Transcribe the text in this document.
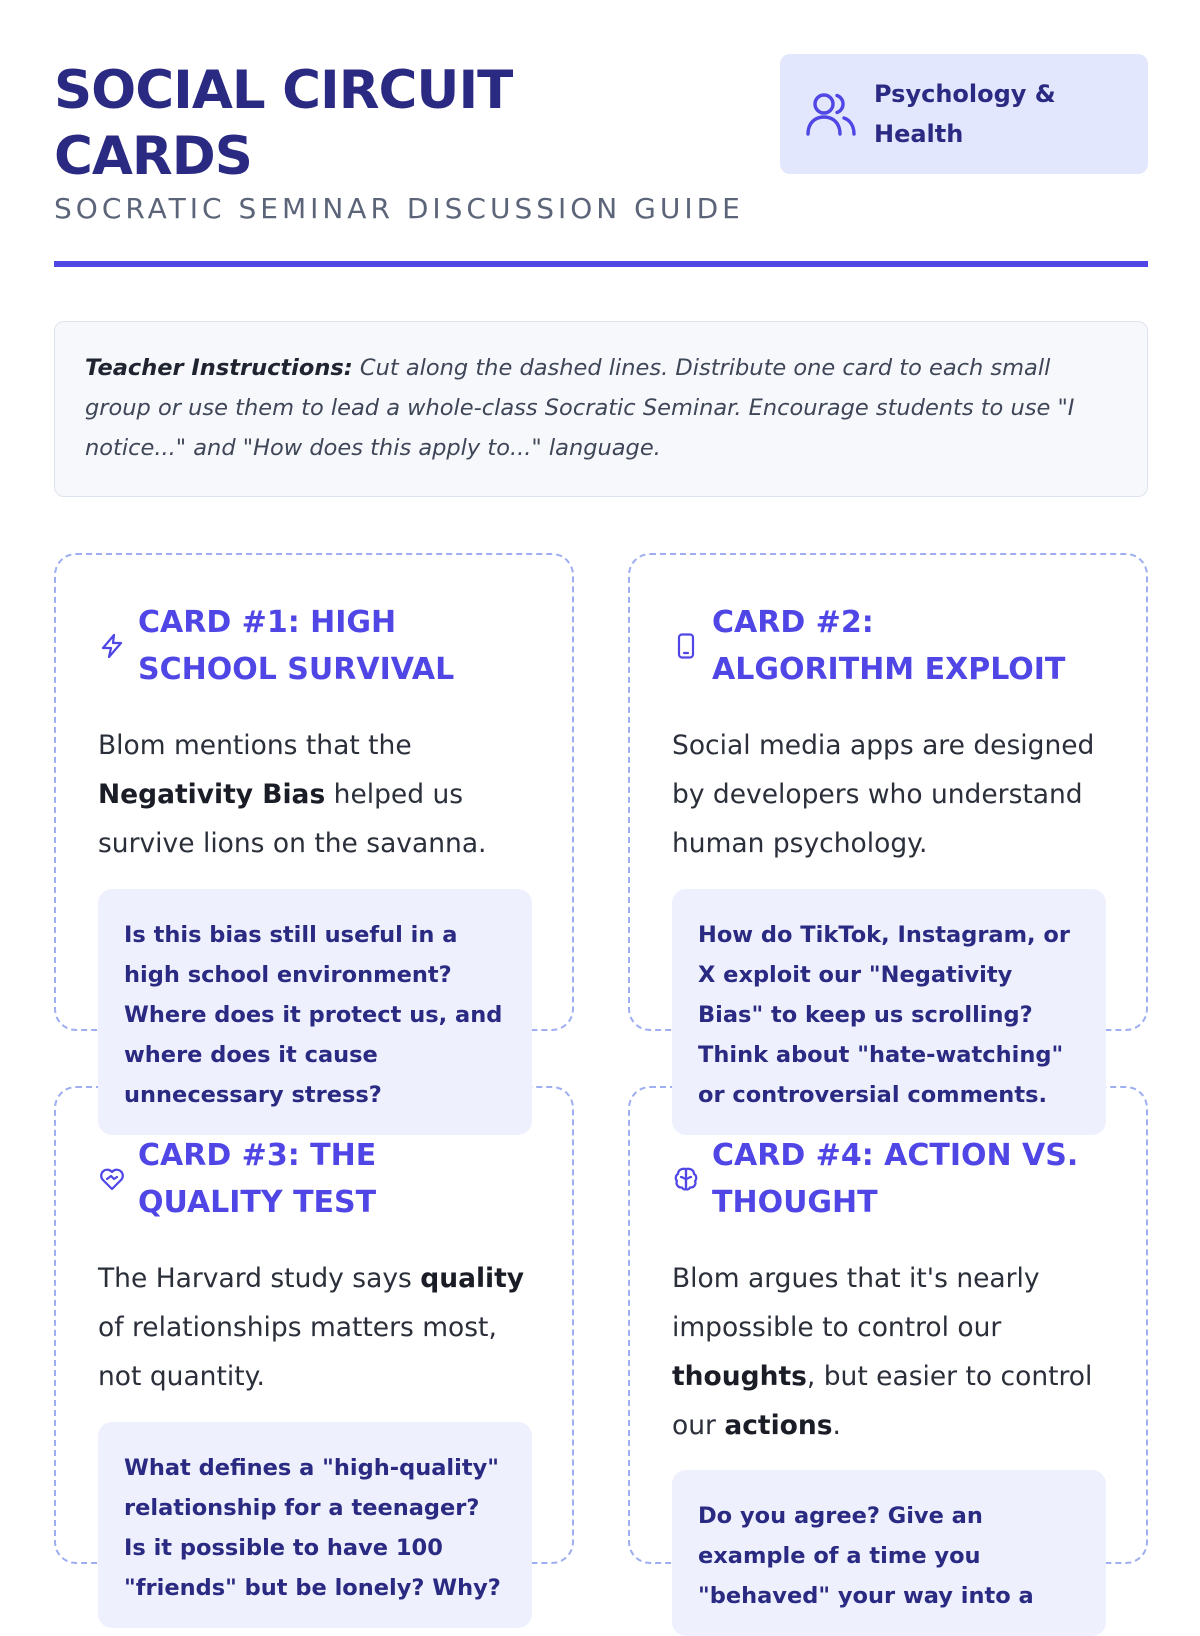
SOCIAL CIRCUIT CARDS
SOCRATIC SEMINAR DISCUSSION GUIDE
Psychology & Health
Teacher Instructions: Cut along the dashed lines. Distribute one card to each small group or use them to lead a whole-class Socratic Seminar. Encourage students to use "I notice..." and "How does this apply to..." language.
CARD #1: HIGH SCHOOL SURVIVAL
Blom mentions that the Negativity Bias helped us survive lions on the savanna.
Is this bias still useful in a high school environment? Where does it protect us, and where does it cause unnecessary stress?
CARD #2: ALGORITHM EXPLOIT
Social media apps are designed by developers who understand human psychology.
How do TikTok, Instagram, or X exploit our "Negativity Bias" to keep us scrolling? Think about "hate-watching" or controversial comments.
CARD #3: THE QUALITY TEST
The Harvard study says quality of relationships matters most, not quantity.
What defines a "high-quality" relationship for a teenager? Is it possible to have 100 "friends" but be lonely? Why?
CARD #4: ACTION VS. THOUGHT
Blom argues that it's nearly impossible to control our thoughts, but easier to control our actions.
Do you agree? Give an example of a time you "behaved" your way into a
